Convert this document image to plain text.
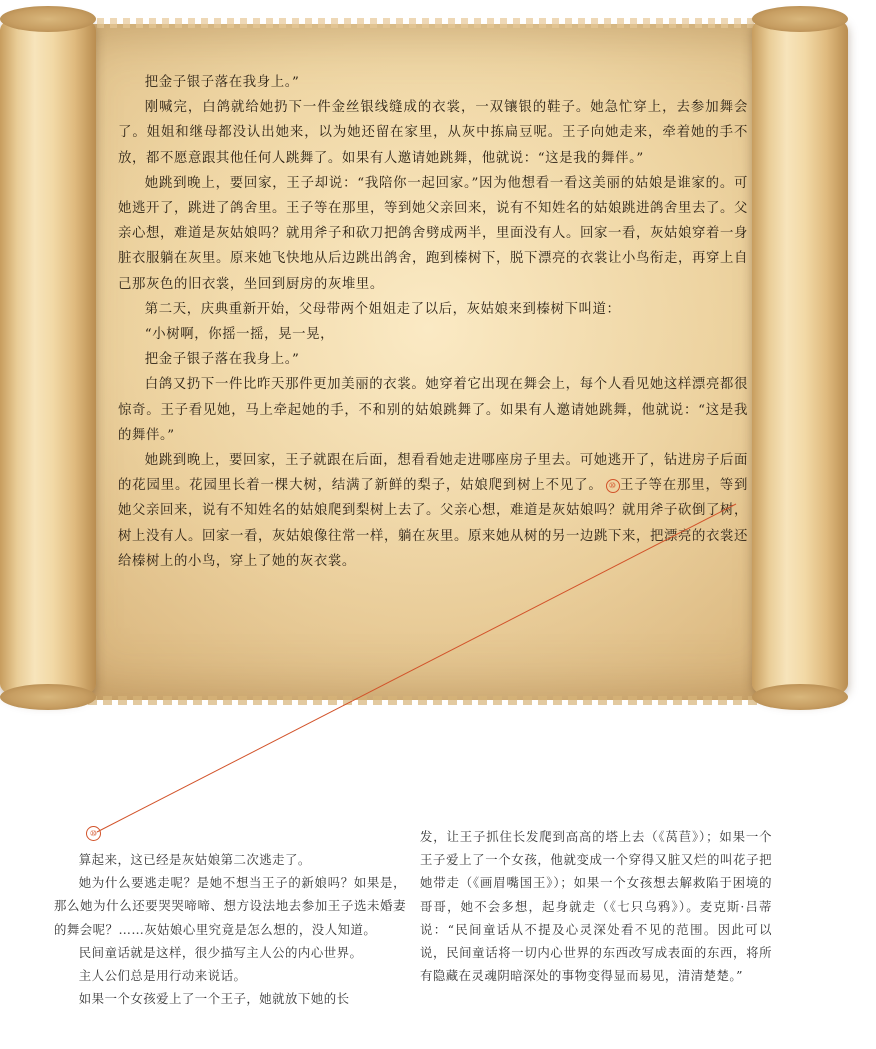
把金子银子落在我身上。”

刚喊完，白鸽就给她扔下一件金丝银线缝成的衣裳，一双镶银的鞋子。她急忙穿上，去参加舞会了。姐姐和继母都没认出她来，以为她还留在家里，从灰中拣扁豆呢。王子向她走来，牵着她的手不放，都不愿意跟其他任何人跳舞了。如果有人邀请她跳舞，他就说：“这是我的舞伴。”

她跳到晚上，要回家，王子却说：“我陪你一起回家。”因为他想看一看这美丽的姑娘是谁家的。可她逃开了，跳进了鸽舍里。王子等在那里，等到她父亲回来，说有不知姓名的姑娘跳进鸽舍里去了。父亲心想，难道是灰姑娘吗？就用斧子和砍刀把鸽舍劈成两半，里面没有人。回家一看，灰姑娘穿着一身脏衣服躺在灰里。原来她飞快地从后边跳出鸽舍，跑到榛树下，脱下漂亮的衣裳让小鸟衔走，再穿上自己那灰色的旧衣裳，坐回到厨房的灰堆里。

第二天，庆典重新开始，父母带两个姐姐走了以后，灰姑娘来到榛树下叫道：

“小树啊，你摇一摇，晃一晃，

把金子银子落在我身上。”

白鸽又扔下一件比昨天那件更加美丽的衣裳。她穿着它出现在舞会上，每个人看见她这样漂亮都很惊奇。王子看见她，马上牵起她的手，不和别的姑娘跳舞了。如果有人邀请她跳舞，他就说：“这是我的舞伴。”

她跳到晚上，要回家，王子就跟在后面，想看看她走进哪座房子里去。可她逃开了，钻进房子后面的花园里。花园里长着一棵大树，结满了新鲜的梨子，姑娘爬到树上不见了。 ⑩ 王子等在那里，等到她父亲回来，说有不知姓名的姑娘爬到梨树上去了。父亲心想，难道是灰姑娘吗？就用斧子砍倒了树，树上没有人。回家一看，灰姑娘像往常一样，躺在灰里。原来她从树的另一边跳下来，把漂亮的衣裳还给榛树上的小鸟，穿上了她的灰衣裳。

⑩

算起来，这已经是灰姑娘第二次逃走了。

她为什么要逃走呢？是她不想当王子的新娘吗？如果是，那么她为什么还要哭哭啼啼、想方设法地去参加王子选未婚妻的舞会呢？……灰姑娘心里究竟是怎么想的，没人知道。

民间童话就是这样，很少描写主人公的内心世界。

主人公们总是用行动来说话。

如果一个女孩爱上了一个王子，她就放下她的长

发，让王子抓住长发爬到高高的塔上去（《莴苣》）；如果一个王子爱上了一个女孩，他就变成一个穿得又脏又烂的叫花子把她带走（《画眉嘴国王》）；如果一个女孩想去解救陷于困境的哥哥，她不会多想，起身就走（《七只乌鸦》）。麦克斯·吕蒂说：“民间童话从不提及心灵深处看不见的范围。因此可以说，民间童话将一切内心世界的东西改写成表面的东西，将所有隐藏在灵魂阴暗深处的事物变得显而易见，清清楚楚。”
